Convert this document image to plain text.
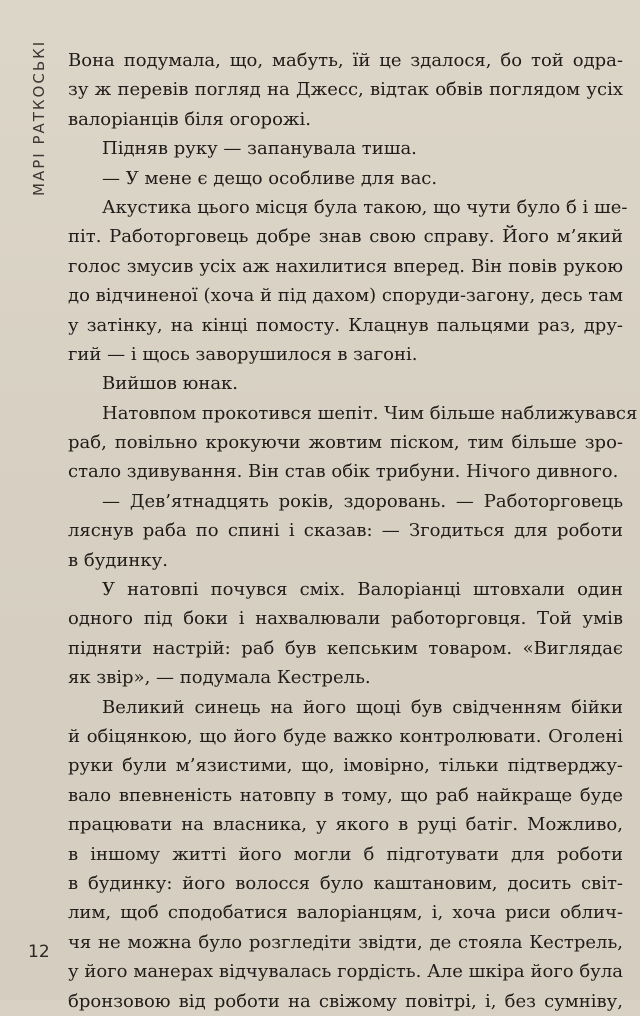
МАРІ РАТКОСЬКІ Вона подумала, що, мабуть, їй це здалося, бо той одра-
зу ж перевів погляд на Джесс, відтак обвів поглядом усіх
валоріанців біля огорожі.
Підняв руку — запанувала тиша.
— У мене є дещо особливе для вас.
Акустика цього місця була такою, що чути було б і ше-
піт. Работорговець добре знав свою справу. Його м’який
голос змусив усіх аж нахилитися вперед. Він повів рукою
до відчиненої (хоча й під дахом) споруди-загону, десь там
у затінку, на кінці помосту. Клацнув пальцями раз, дру-
гий — і щось заворушилося в загоні.
Вийшов юнак.
Натовпом прокотився шепіт. Чим більше наближувався
раб, повільно крокуючи жовтим піском, тим більше зро-
стало здивування. Він став обік трибуни. Нічого дивного.
— Дев’ятнадцять років, здоровань. — Работорговець
ляснув раба по спині і сказав: — Згодиться для роботи
в будинку.
У натовпі почувся сміх. Валоріанці штовхали один
одного під боки і нахвалювали работорговця. Той умів
підняти настрій: раб був кепським товаром. «Виглядає
як звір», — подумала Кестрель.
Великий синець на його щоці був свідченням бійки
й обіцянкою, що його буде важко контролювати. Оголені
руки були м’язистими, що, імовірно, тільки підтверджу-
вало впевненість натовпу в тому, що раб найкраще буде
працювати на власника, у якого в руці батіг. Можливо,
в іншому житті його могли б підготувати для роботи
в будинку: його волосся було каштановим, досить світ-
лим, щоб сподобатися валоріанцям, і, хоча риси облич-
чя не можна було розгледіти звідти, де стояла Кестрель,
у його манерах відчувалась гордість. Але шкіра його була
бронзовою від роботи на свіжому повітрі, і, без сумніву,
12
